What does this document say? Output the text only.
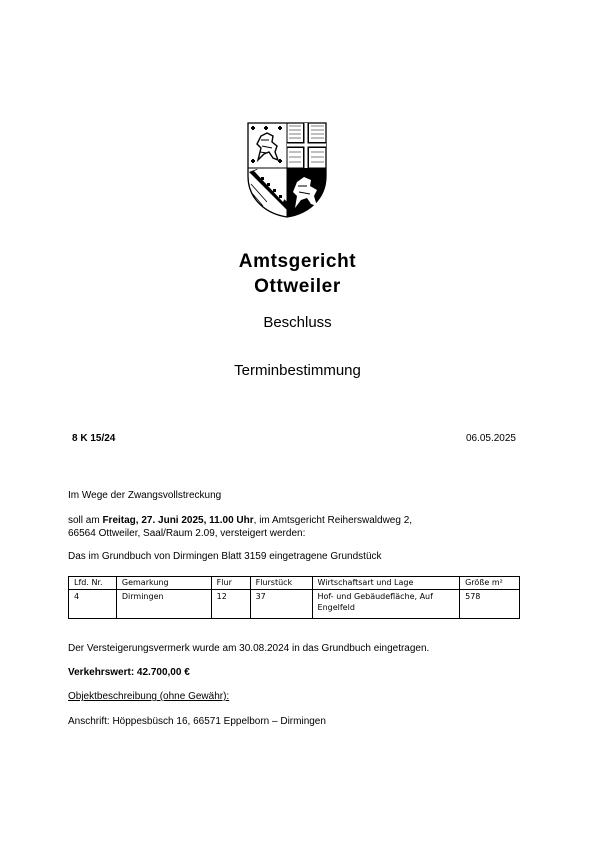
Amtsgericht
Ottweiler
Beschluss
Terminbestimmung
8 K 15/24	06.05.2025
Im Wege der Zwangsvollstreckung
soll am Freitag, 27. Juni 2025, 11.00 Uhr, im Amtsgericht Reiherswaldweg 2,
66564 Ottweiler, Saal/Raum 2.09, versteigert werden:
Das im Grundbuch von Dirmingen Blatt 3159 eingetragene Grundstück
Lfd. Nr.	Gemarkung	Flur	Flurstück	Wirtschaftsart und Lage	Größe m²
4	Dirmingen	12	37	Hof- und Gebäudefläche, Auf Engelfeld	578
Der Versteigerungsvermerk wurde am 30.08.2024 in das Grundbuch eingetragen.
Verkehrswert: 42.700,00 €
Objektbeschreibung (ohne Gewähr):
Anschrift: Höppesbüsch 16, 66571 Eppelborn – Dirmingen
